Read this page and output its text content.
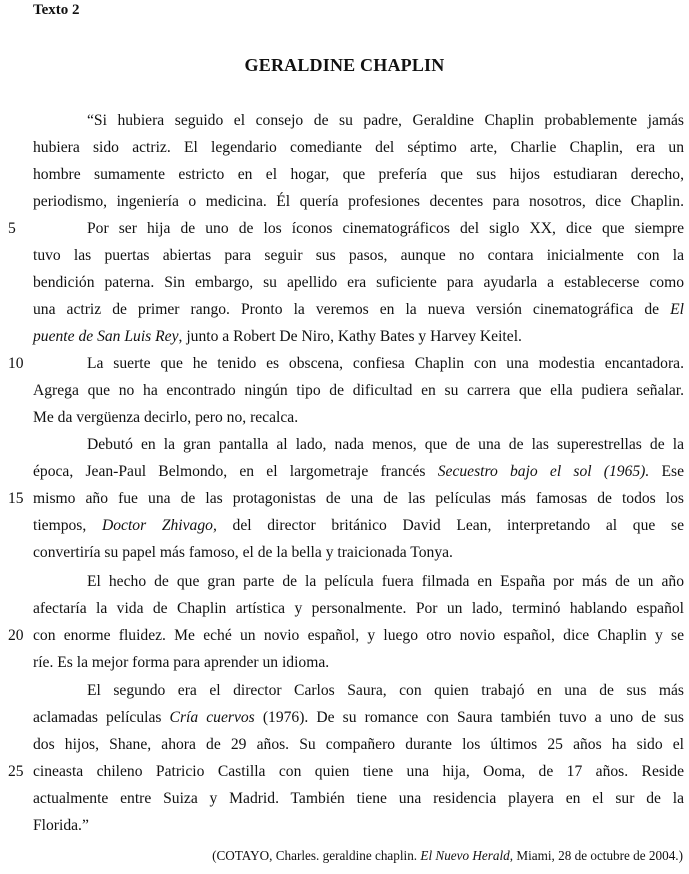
Texto 2
GERALDINE CHAPLIN
5
10
15
20
25
“Si hubiera seguido el consejo de su padre, Geraldine Chaplin probablemente jamás
hubiera sido actriz. El legendario comediante del séptimo arte, Charlie Chaplin, era un
hombre sumamente estricto en el hogar, que prefería que sus hijos estudiaran derecho,
periodismo, ingeniería o medicina. Él quería profesiones decentes para nosotros, dice Chaplin.
Por ser hija de uno de los íconos cinematográficos del siglo XX, dice que siempre
tuvo las puertas abiertas para seguir sus pasos, aunque no contara inicialmente con la
bendición paterna. Sin embargo, su apellido era suficiente para ayudarla a establecerse como
una actriz de primer rango. Pronto la veremos en la nueva versión cinematográfica de El
puente de San Luis Rey, junto a Robert De Niro, Kathy Bates y Harvey Keitel.
La suerte que he tenido es obscena, confiesa Chaplin con una modestia encantadora.
Agrega que no ha encontrado ningún tipo de dificultad en su carrera que ella pudiera señalar.
Me da vergüenza decirlo, pero no, recalca.
Debutó en la gran pantalla al lado, nada menos, que de una de las superestrellas de la
época, Jean-Paul Belmondo, en el largometraje francés Secuestro bajo el sol (1965). Ese
mismo año fue una de las protagonistas de una de las películas más famosas de todos los
tiempos, Doctor Zhivago, del director británico David Lean, interpretando al que se
convertiría su papel más famoso, el de la bella y traicionada Tonya.
El hecho de que gran parte de la película fuera filmada en España por más de un año
afectaría la vida de Chaplin artística y personalmente. Por un lado, terminó hablando español
con enorme fluidez. Me eché un novio español, y luego otro novio español, dice Chaplin y se
ríe. Es la mejor forma para aprender un idioma.
El segundo era el director Carlos Saura, con quien trabajó en una de sus más
aclamadas películas Cría cuervos (1976). De su romance con Saura también tuvo a uno de sus
dos hijos, Shane, ahora de 29 años. Su compañero durante los últimos 25 años ha sido el
cineasta chileno Patricio Castilla con quien tiene una hija, Ooma, de 17 años. Reside
actualmente entre Suiza y Madrid. También tiene una residencia playera en el sur de la
Florida.”
(COTAYO, Charles. geraldine chaplin. El Nuevo Herald, Miami, 28 de octubre de 2004.)
